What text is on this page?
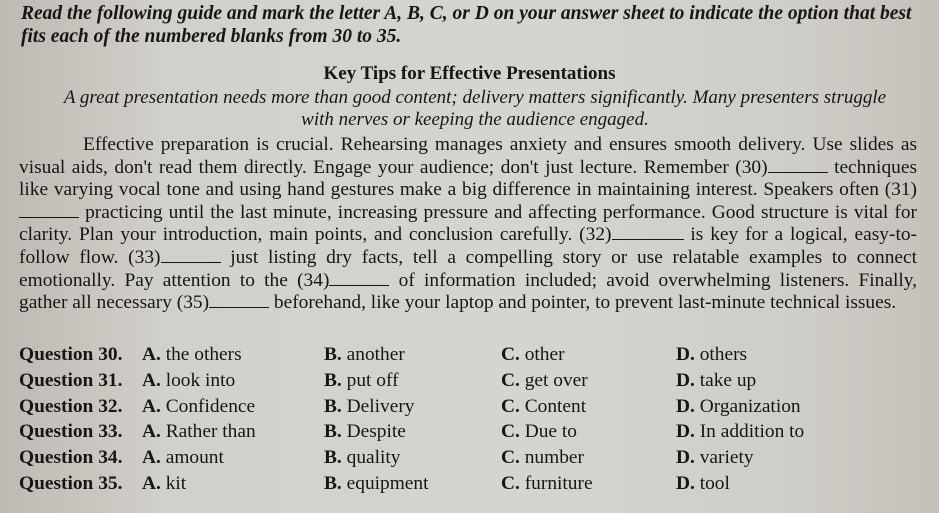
Read the following guide and mark the letter A, B, C, or D on your answer sheet to indicate the option that best fits each of the numbered blanks from 30 to 35.
Key Tips for Effective Presentations
A great presentation needs more than good content; delivery matters significantly. Many presenters struggle with nerves or keeping the audience engaged.

Effective preparation is crucial. Rehearsing manages anxiety and ensures smooth delivery. Use slides as visual aids, don't read them directly. Engage your audience; don't just lecture. Remember (30)	techniques like varying vocal tone and using hand gestures make a big difference in maintaining interest. Speakers often (31) practicing until the last minute, increasing pressure and affecting performance. Good structure is vital for clarity. Plan your introduction, main points, and conclusion carefully. (32)	is key for a logical, easy-to-follow flow. (33)	just listing dry facts, tell a compelling story or use relatable examples to connect emotionally. Pay attention to the (34)	of information included; avoid overwhelming listeners. Finally, gather all necessary (35)	beforehand, like your laptop and pointer, to prevent last-minute technical issues.

Question 30. A. the others	B. another	C. other	D. others
Question 31. A. look into	B. put off	C. get over	D. take up
Question 32. A. Confidence	B. Delivery	C. Content	D. Organization
Question 33. A. Rather than	B. Despite	C. Due to	D. In addition to
Question 34. A. amount	B. quality	C. number	D. variety
Question 35. A. kit	B. equipment	C. furniture	D. tool
